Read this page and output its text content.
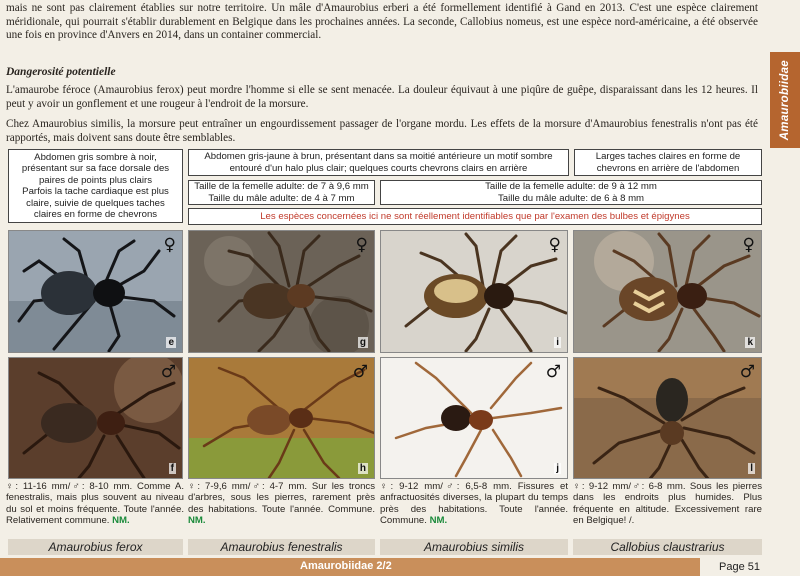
mais ne sont pas clairement établies sur notre territoire. Un mâle d'Amaurobius erberi a été formellement identifié à Gand en 2013. C'est une espèce clairement méridionale, qui pourrait s'établir durablement en Belgique dans les prochaines années. La seconde, Callobius nomeus, est une espèce nord-américaine, a été observée une fois en province d'Anvers en 2014, dans un container commercial.
Dangerosité potentielle
L'amaurobe féroce (Amaurobius ferox) peut mordre l'homme si elle se sent menacée. La douleur équivaut à une piqûre de guêpe, disparaissant dans les 12 heures. Il peut y avoir un gonflement et une rougeur à l'endroit de la morsure.
Chez Amaurobius similis, la morsure peut entraîner un engourdissement passager de l'organe mordu. Les effets de la morsure d'Amaurobius fenestralis n'ont pas été rapportés, mais doivent sans doute être semblables.	Amaurobiidae
Abdomen gris sombre à noir, présentant sur sa face dorsale des paires de points plus clairs
Parfois la tache cardiaque est plus claire, suivie de quelques taches claires en forme de chevrons
Abdomen gris-jaune à brun, présentant dans sa moitié antérieure un motif sombre entouré d'un halo plus clair; quelques courts chevrons clairs en arrière
Larges taches claires en forme de chevrons en arrière de l'abdomen
Taille de la femelle adulte: de 7 à 9,6 mm
Taille du mâle adulte: de 4 à 7 mm
Taille de la femelle adulte: de 9 à 12 mm
Taille du mâle adulte: de 6 à 8 mm
Les espèces concernées ici ne sont réellement identifiables que par l'examen des bulbes et épigynes
♀
e
♀
g
♀
i
♀
k
♂
f
♂
h
♂
j
♂
l
♀: 11-16 mm/♂: 8-10 mm. Comme A. fenestralis, mais plus souvent au niveau du sol et moins fréquente. Toute l'année. Relativement commune. NM.
♀: 7-9,6 mm/♂: 4-7 mm. Sur les troncs d'arbres, sous les pierres, rarement près des habitations. Toute l'année. Commune. NM.
♀: 9-12 mm/♂: 6,5-8 mm. Fissures et anfractuosités diverses, la plupart du temps près des habitations. Toute l'année. Commune. NM.
♀: 9-12 mm/♂: 6-8 mm. Sous les pierres dans les endroits plus humides. Plus fréquente en altitude. Excessivement rare en Belgique! /.
Amaurobius ferox	Amaurobius fenestralis	Amaurobius similis	Callobius claustrarius
Amaurobiidae 2/2	Page 51
